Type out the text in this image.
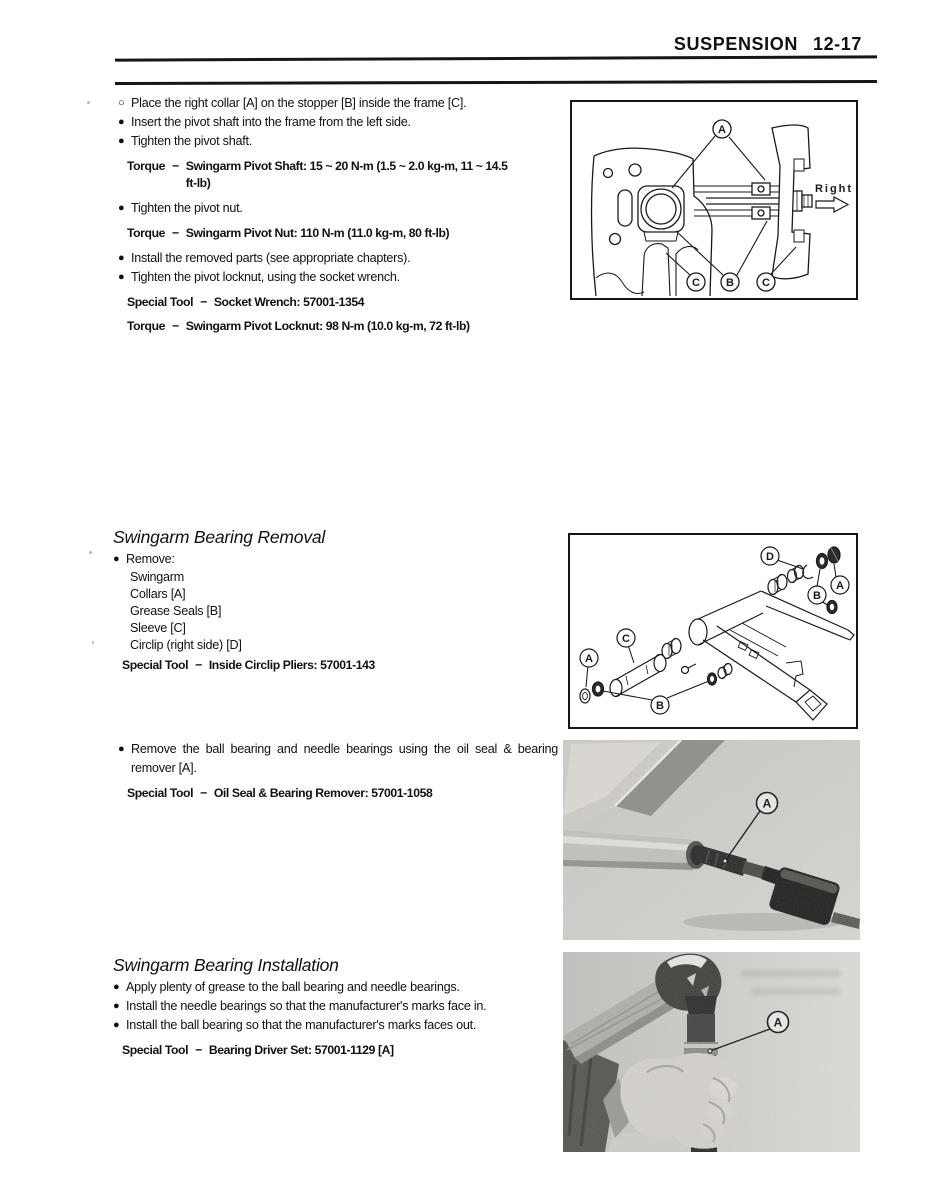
SUSPENSION 12-17
○ Place the right collar [A] on the stopper [B] inside the frame [C].
● Insert the pivot shaft into the frame from the left side.
● Tighten the pivot shaft.
Torque − Swingarm Pivot Shaft: 15 ~ 20 N-m (1.5 ~ 2.0 kg-m, 11 ~ 14.5
ft-lb)
● Tighten the pivot nut.
Torque − Swingarm Pivot Nut: 110 N-m (11.0 kg-m, 80 ft-lb)
● Install the removed parts (see appropriate chapters).
● Tighten the pivot locknut, using the socket wrench.
Special Tool − Socket Wrench: 57001-1354
Torque − Swingarm Pivot Locknut: 98 N-m (10.0 kg-m, 72 ft-lb)
A
C B	C
Right
Swingarm Bearing Removal
● Remove:
Swingarm
Collars [A]
Grease Seals [B]
Sleeve [C]
Circlip (right side) [D]
Special Tool − Inside Circlip Pliers: 57001-143
D
A
B
C
A
B
● Remove the ball bearing and needle bearings using the oil seal & bearing remover [A].
Special Tool − Oil Seal & Bearing Remover: 57001-1058
A
Swingarm Bearing Installation
● Apply plenty of grease to the ball bearing and needle bearings.
● Install the needle bearings so that the manufacturer's marks face in.
● Install the ball bearing so that the manufacturer's marks faces out.
Special Tool − Bearing Driver Set: 57001-1129 [A]
A
